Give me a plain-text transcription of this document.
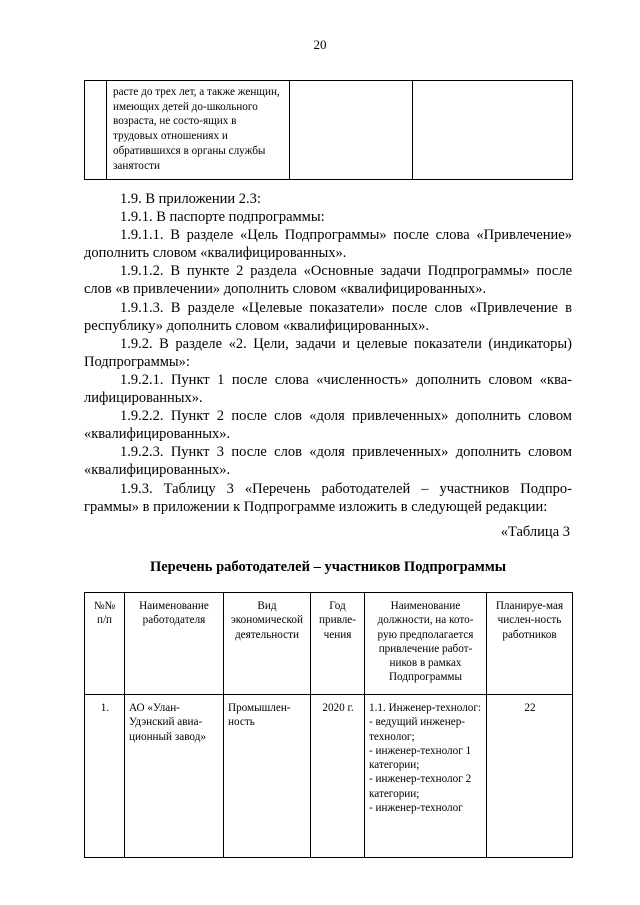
20

расте до трех лет, а также женщин, имеющих детей до-школьного возраста, не состо-ящих в трудовых отношениях и обратившихся в органы службы занятости

1.9. В приложении 2.3:

1.9.1. В паспорте подпрограммы:

1.9.1.1. В разделе «Цель Подпрограммы» после слова «Привлечение» дополнить словом «квалифицированных».

1.9.1.2. В пункте 2 раздела «Основные задачи Подпрограммы» после слов «в привлечении» дополнить словом «квалифицированных».

1.9.1.3. В разделе «Целевые показатели» после слов «Привлечение в республику» дополнить словом «квалифицированных».

1.9.2. В разделе «2. Цели, задачи и целевые показатели (индикаторы) Подпрограммы»:

1.9.2.1. Пункт 1 после слова «численность» дополнить словом «ква-лифицированных».

1.9.2.2. Пункт 2 после слов «доля привлеченных» дополнить словом «квалифицированных».

1.9.2.3. Пункт 3 после слов «доля привлеченных» дополнить словом «квалифицированных».

1.9.3. Таблицу 3 «Перечень работодателей – участников Подпро-граммы» в приложении к Подпрограмме изложить в следующей редакции:

«Таблица 3
Перечень работодателей – участников Подпрограммы
№№ п/п	Наименование работодателя	Вид экономической деятельности	Год привле-чения	Наименование должности, на кото-рую предполагается привлечение работ-ников в рамках Подпрограммы	Планируе-мая числен-ность работников
1.	АО «Улан-Удэнский авиа-ционный завод»	Промышлен-ность	2020 г.	1.1. Инженер-технолог:
- ведущий инженер-технолог;
- инженер-технолог 1 категории;
- инженер-технолог 2 категории;
- инженер-технолог	22
